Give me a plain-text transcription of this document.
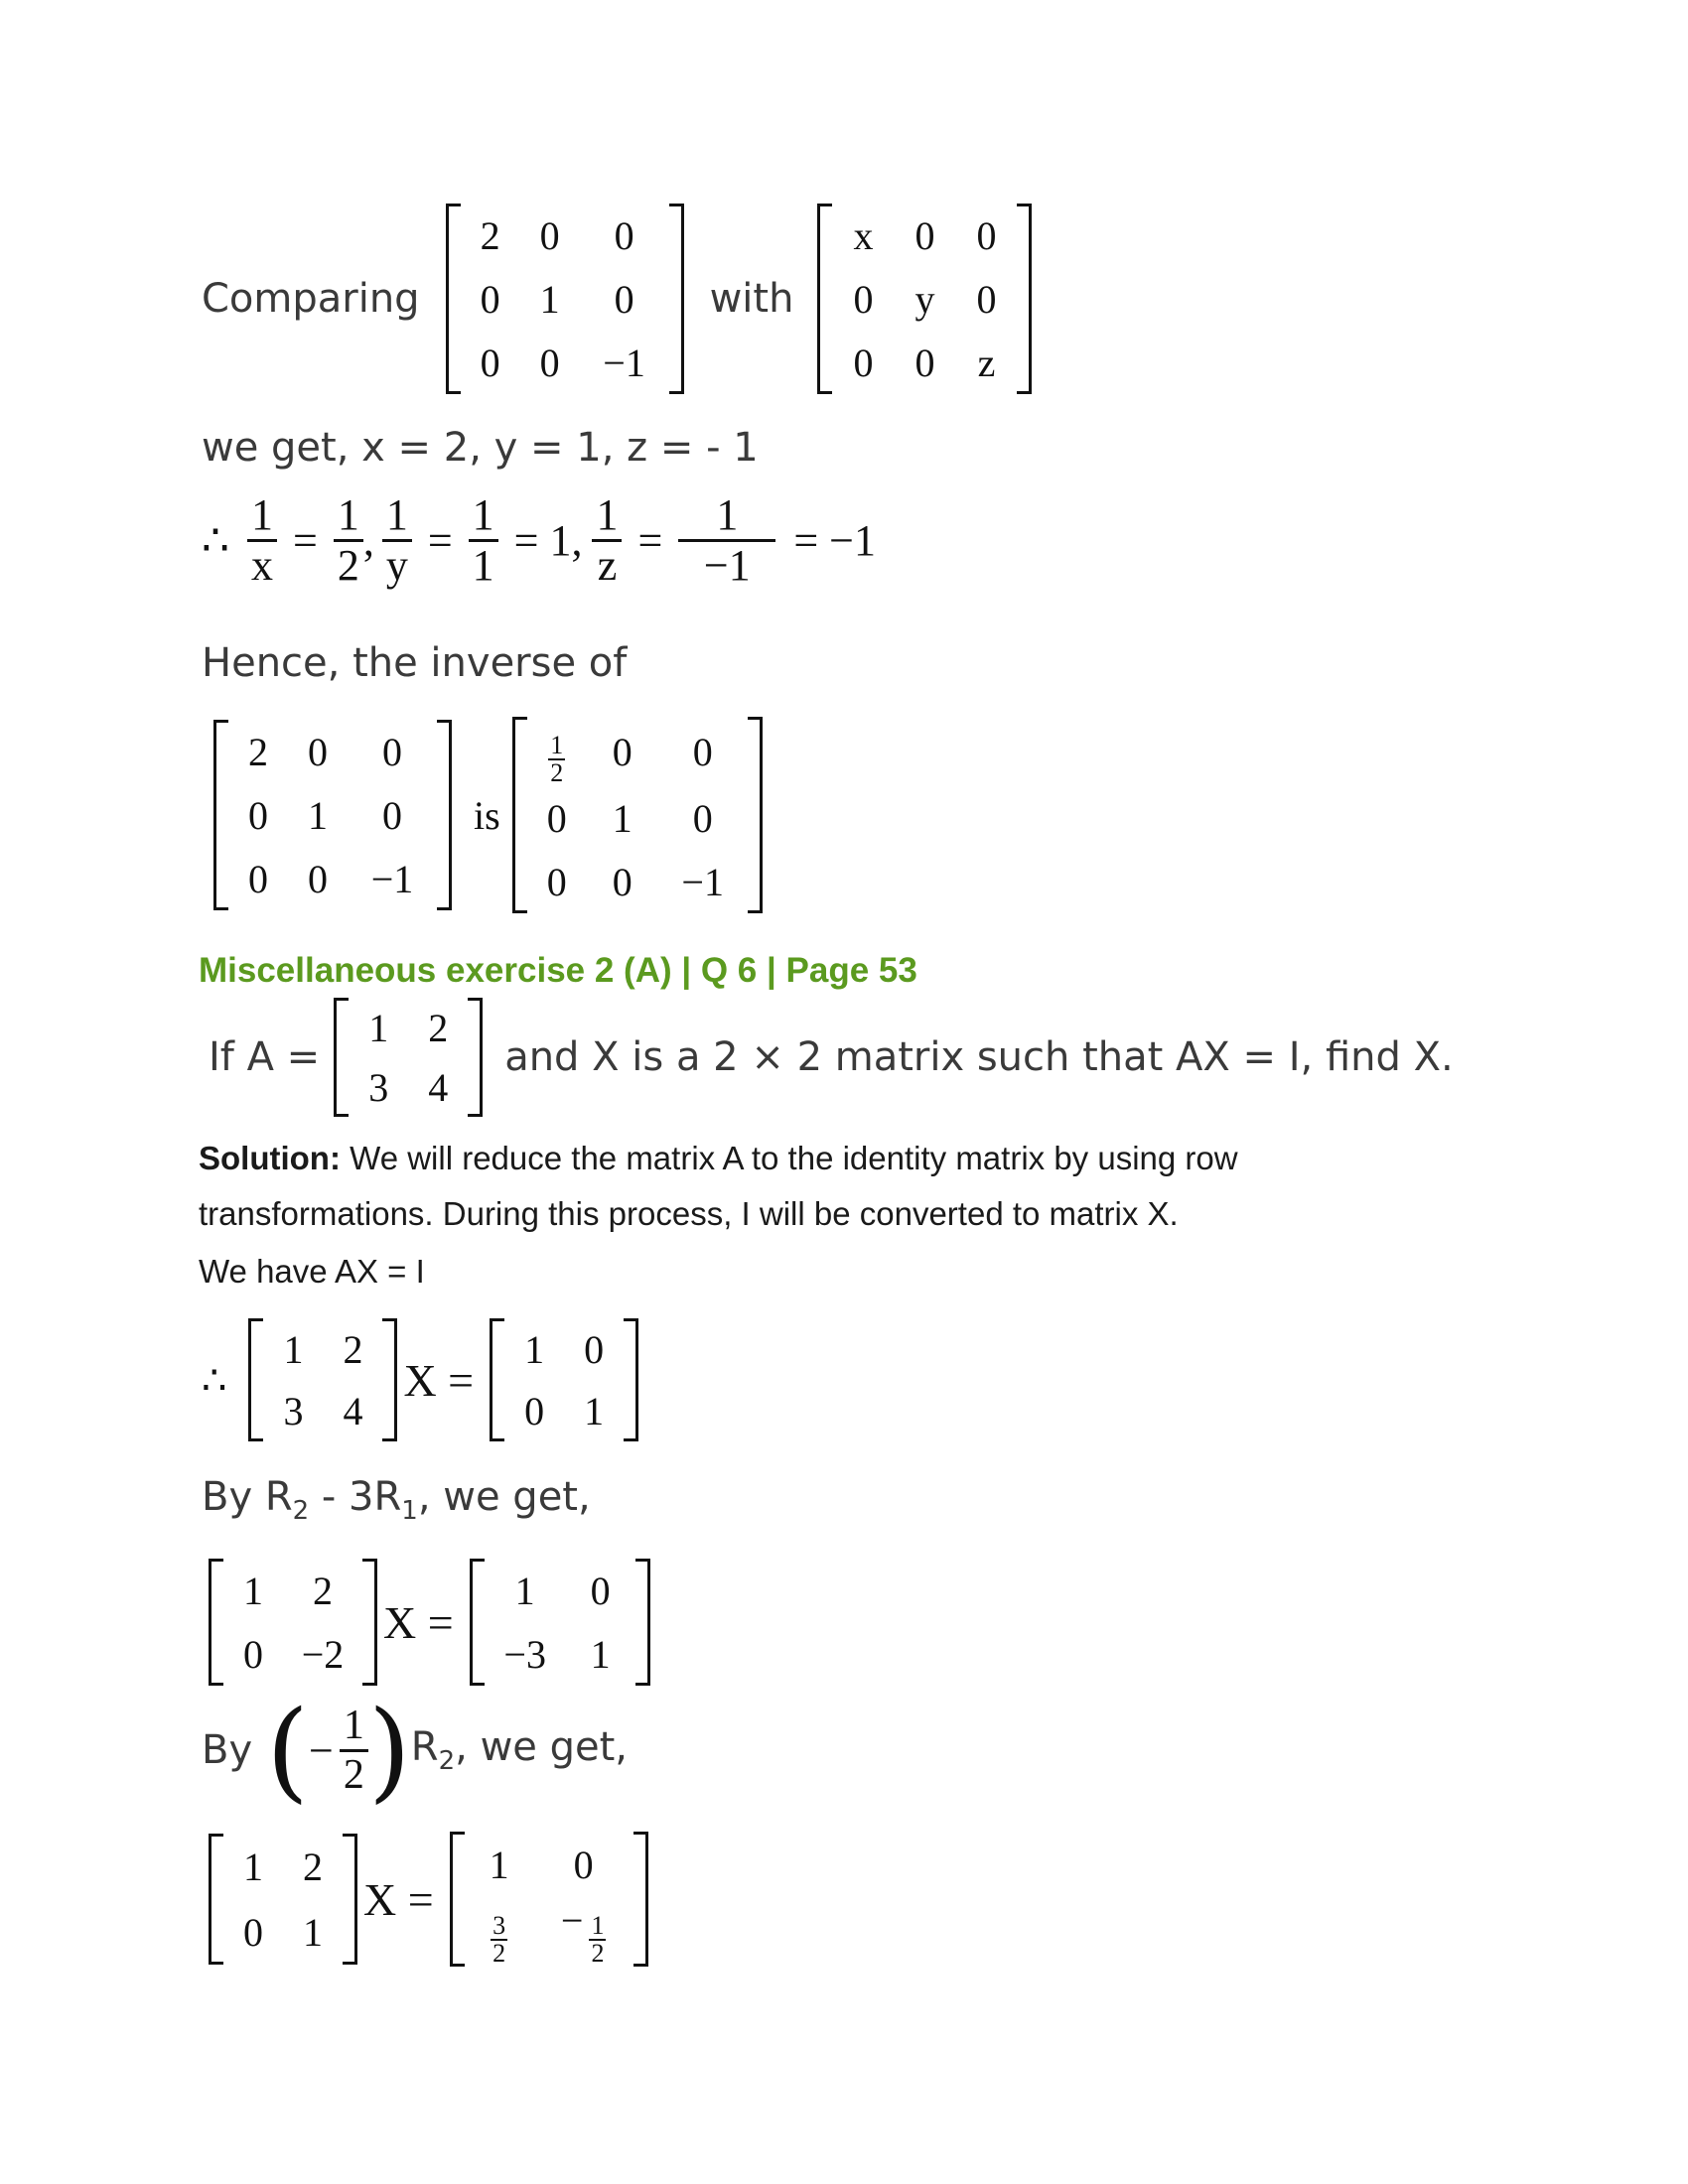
Comparing
2	0	0
0	1	0
0	0	−1
with
x	0	0
0	y	0
0	0	z
we get, x = 2, y = 1, z = - 1
∴ $\frac{1}{x} = \frac{1}{2}$ , $\frac{1}{y} = \frac{1}{1} = 1$, $\frac{1}{z} = \frac{1}{-1} = -1$
Hence, the inverse of
2	0	0
0	1	0
0	0	−1
is
$\frac{1}{2}$	0	0
0	1	0
0	0	−1
Miscellaneous exercise 2 (A) | Q 6 | Page 53
If A =
1	2
3	4
and X is a 2 × 2 matrix such that AX = I, find X.
Solution: We will reduce the matrix A to the identity matrix by using row
transformations. During this process, I will be converted to matrix X.
We have AX = I
∴
1	2
3	4
X =
1	0
0	1
By $R_2 - 3R_1$, we get,
1	2
0	−2
X =
1	0
−3	1
By ( − $\frac{1}{2}$ ) $R_2$, we get,
1	2
0	1
X =
1	0

$\frac{3}{2}$	− $\frac{1}{2}$
